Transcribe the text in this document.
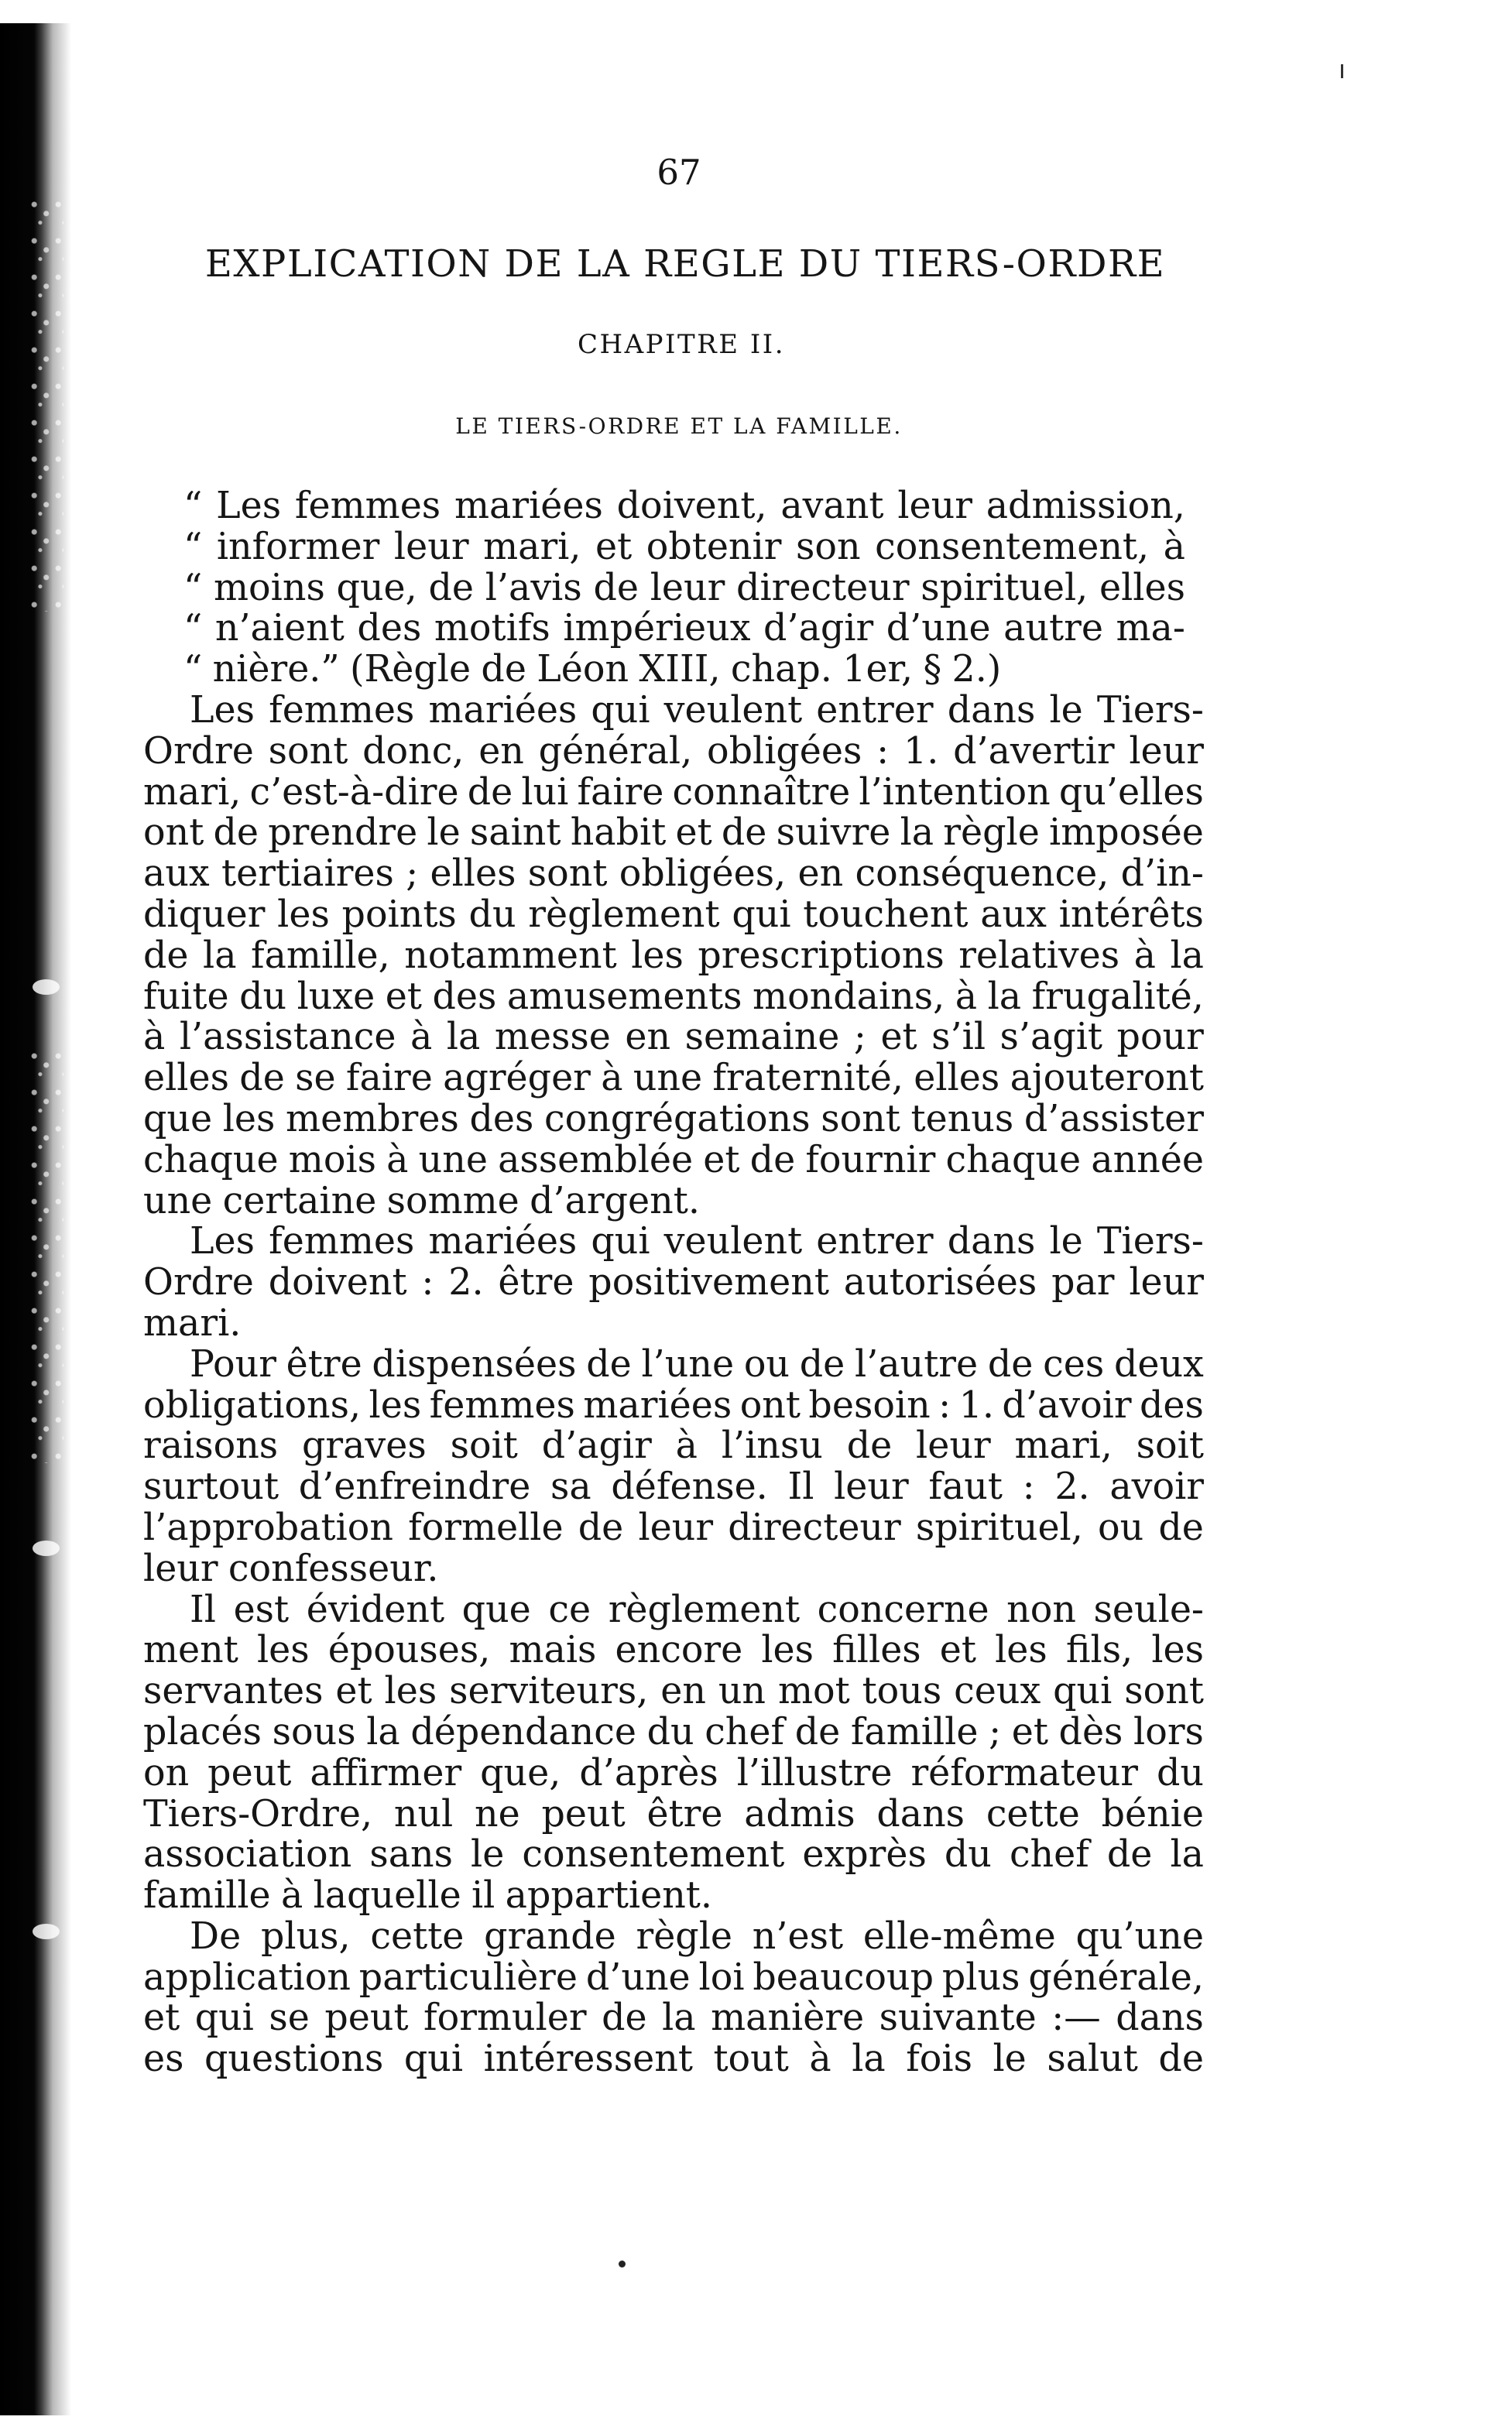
67
EXPLICATION DE LA REGLE DU TIERS-ORDRE
CHAPITRE II.
LE TIERS-ORDRE ET LA FAMILLE.
“ Les femmes mariées doivent, avant leur admission,
“ informer leur mari, et obtenir son consentement, à
“ moins que, de l’avis de leur directeur spirituel, elles
“ n’aient des motifs impérieux d’agir d’une autre ma-
“ nière.” (Règle de Léon XIII, chap. 1er, § 2.)
Les femmes mariées qui veulent entrer dans le Tiers-
Ordre sont donc, en général, obligées : 1. d’avertir leur
mari, c’est-à-dire de lui faire connaître l’intention qu’elles
ont de prendre le saint habit et de suivre la règle imposée
aux tertiaires ; elles sont obligées, en conséquence, d’in-
diquer les points du règlement qui touchent aux intérêts
de la famille, notamment les prescriptions relatives à la
fuite du luxe et des amusements mondains, à la frugalité,
à l’assistance à la messe en semaine ; et s’il s’agit pour
elles de se faire agréger à une fraternité, elles ajouteront
que les membres des congrégations sont tenus d’assister
chaque mois à une assemblée et de fournir chaque année
une certaine somme d’argent.
Les femmes mariées qui veulent entrer dans le Tiers-
Ordre doivent : 2. être positivement autorisées par leur
mari.
Pour être dispensées de l’une ou de l’autre de ces deux
obligations, les femmes mariées ont besoin : 1. d’avoir des
raisons graves soit d’agir à l’insu de leur mari, soit
surtout d’enfreindre sa défense. Il leur faut : 2. avoir
l’approbation formelle de leur directeur spirituel, ou de
leur confesseur.
Il est évident que ce règlement concerne non seule-
ment les épouses, mais encore les filles et les fils, les
servantes et les serviteurs, en un mot tous ceux qui sont
placés sous la dépendance du chef de famille ; et dès lors
on peut affirmer que, d’après l’illustre réformateur du
Tiers-Ordre, nul ne peut être admis dans cette bénie
association sans le consentement exprès du chef de la
famille à laquelle il appartient.
De plus, cette grande règle n’est elle-même qu’une
application particulière d’une loi beaucoup plus générale,
et qui se peut formuler de la manière suivante :— dans
es questions qui intéressent tout à la fois le salut de
